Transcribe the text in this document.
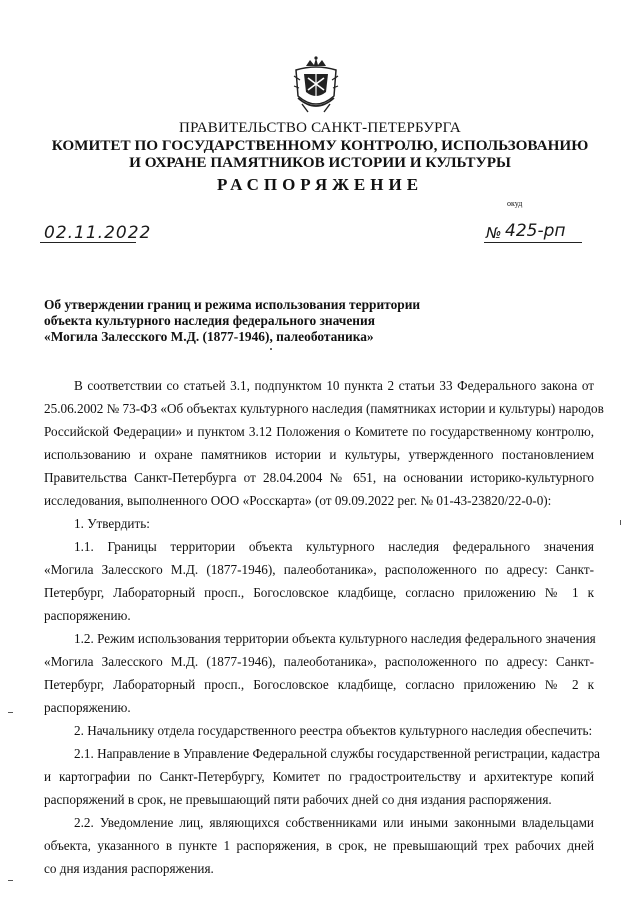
ПРАВИТЕЛЬСТВО САНКТ-ПЕТЕРБУРГА
КОМИТЕТ ПО ГОСУДАРСТВЕННОМУ КОНТРОЛЮ, ИСПОЛЬЗОВАНИЮ
И ОХРАНЕ ПАМЯТНИКОВ ИСТОРИИ И КУЛЬТУРЫ
РАСПОРЯЖЕНИЕ
окуд
02.11.2022	№ 425-рп
Об утверждении границ и режима использования территории
объекта культурного наследия федерального значения
«Могила Залесского М.Д. (1877-1946), палеоботаника»
В соответствии со статьей 3.1, подпунктом 10 пункта 2 статьи 33 Федерального закона от
25.06.2002 № 73-ФЗ «Об объектах культурного наследия (памятниках истории и культуры) народов
Российской Федерации» и пунктом 3.12 Положения о Комитете по государственному контролю,
использованию и охране памятников истории и культуры, утвержденного постановлением
Правительства Санкт-Петербурга от 28.04.2004 № 651, на основании историко-культурного
исследования, выполненного ООО «Росскарта» (от 09.09.2022 рег. № 01-43-23820/22-0-0):
1. Утвердить:
1.1. Границы территории объекта культурного наследия федерального значения
«Могила Залесского М.Д. (1877-1946), палеоботаника», расположенного по адресу: Санкт-
Петербург, Лабораторный просп., Богословское кладбище, согласно приложению № 1 к
распоряжению.
1.2. Режим использования территории объекта культурного наследия федерального значения
«Могила Залесского М.Д. (1877-1946), палеоботаника», расположенного по адресу: Санкт-
Петербург, Лабораторный просп., Богословское кладбище, согласно приложению № 2 к
распоряжению.
2. Начальнику отдела государственного реестра объектов культурного наследия обеспечить:
2.1. Направление в Управление Федеральной службы государственной регистрации, кадастра
и картографии по Санкт-Петербургу, Комитет по градостроительству и архитектуре копий
распоряжений в срок, не превышающий пяти рабочих дней со дня издания распоряжения.
2.2. Уведомление лиц, являющихся собственниками или иными законными владельцами
объекта, указанного в пункте 1 распоряжения, в срок, не превышающий трех рабочих дней
со дня издания распоряжения.
